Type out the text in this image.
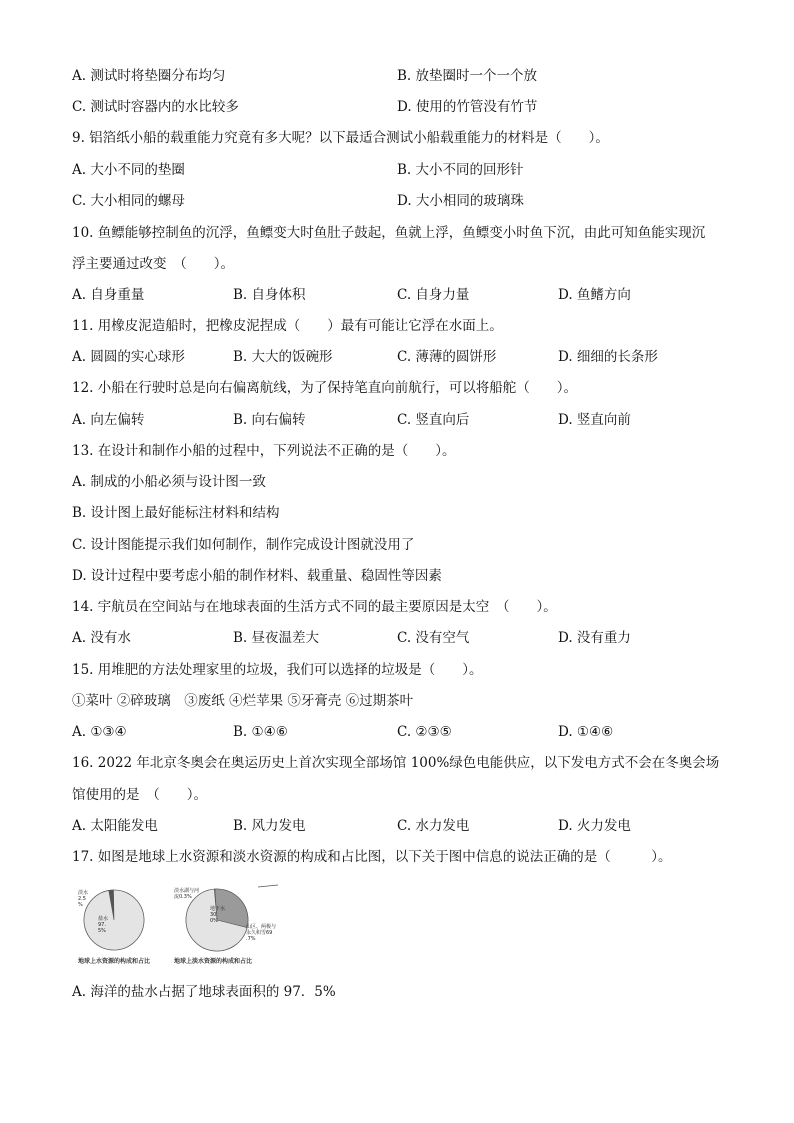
A. 测试时将垫圈分布均匀	B. 放垫圈时一个一个放
C. 测试时容器内的水比较多	D. 使用的竹管没有竹节
9. 铝箔纸小船的载重能力究竟有多大呢？以下最适合测试小船载重能力的材料是（　　）。
A. 大小不同的垫圈	B. 大小不同的回形针
C. 大小相同的螺母	D. 大小相同的玻璃珠
10. 鱼鳔能够控制鱼的沉浮，鱼鳔变大时鱼肚子鼓起，鱼就上浮，鱼鳔变小时鱼下沉，由此可知鱼能实现沉
浮主要通过改变　（　　）。
A. 自身重量	B. 自身体积	C. 自身力量	D. 鱼鳍方向
11. 用橡皮泥造船时，把橡皮泥捏成（　　）最有可能让它浮在水面上。
A. 圆圆的实心球形	B. 大大的饭碗形	C. 薄薄的圆饼形	D. 细细的长条形
12. 小船在行驶时总是向右偏离航线，为了保持笔直向前航行，可以将船舵（　　）。
A. 向左偏转	B. 向右偏转	C. 竖直向后	D. 竖直向前
13. 在设计和制作小船的过程中，下列说法不正确的是（　　）。
A. 制成的小船必须与设计图一致
B. 设计图上最好能标注材料和结构
C. 设计图能提示我们如何制作，制作完成设计图就没用了
D. 设计过程中要考虑小船的制作材料、载重量、稳固性等因素
14. 宇航员在空间站与在地球表面的生活方式不同的最主要原因是太空　（　　）。
A. 没有水	B. 昼夜温差大	C. 没有空气	D. 没有重力
15. 用堆肥的方法处理家里的垃圾，我们可以选择的垃圾是（　　）。
①菜叶 ②碎玻璃　③废纸 ④烂苹果 ⑤牙膏壳 ⑥过期茶叶
A. ①③④	B. ①④⑥	C. ②③⑤	D. ①④⑥
16. 2022 年北京冬奥会在奥运历史上首次实现全部场馆 100%绿色电能供应，以下发电方式不会在冬奥会场
馆使用的是　（　　）。
A. 太阳能发电	B. 风力发电	C. 水力发电	D. 火力发电
17. 如图是地球上水资源和淡水资源的构成和占比图，以下关于图中信息的说法正确的是（　　　）。
淡水 2.5 %
盐水 97. 5%
地球上水资源的构成和占比
淡水湖与河流0.3%
地下水 30. 0%
山区、两极与永久积雪69 .7%
地球上淡水资源的构成和占比
A. 海洋的盐水占据了地球表面积的 97．5%
